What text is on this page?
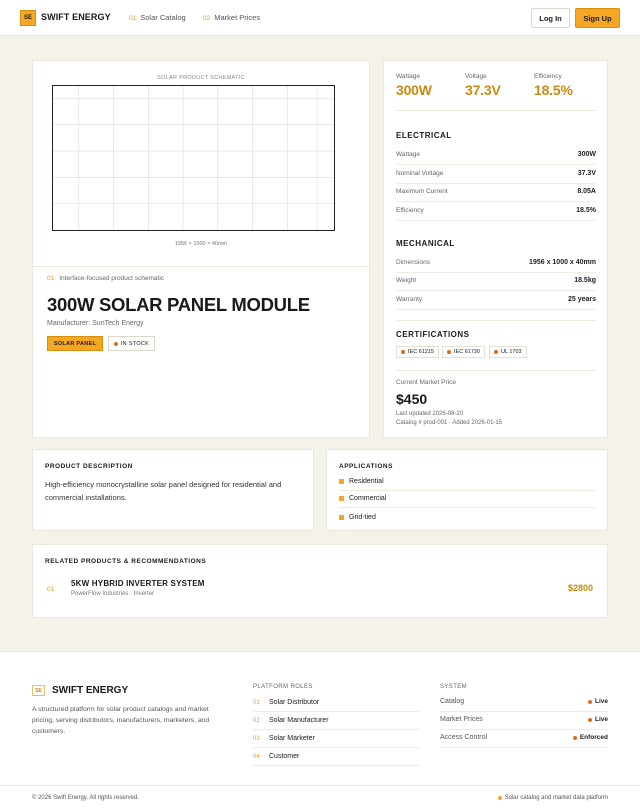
SE	SWIFT ENERGY	01 Solar Catalog	02 Market Prices	Log In	Sign Up
SOLAR PRODUCT SCHEMATIC
1956 × 1000 × 40mm
01 Interface-focused product schematic
300W SOLAR PANEL MODULE
Manufacturer: SunTech Energy
SOLAR PANEL	IN STOCK
Wattage
300W
Voltage
37.3V
Efficiency
18.5%
ELECTRICAL
Wattage	300W
Nominal Voltage	37.3V
Maximum Current	8.05A
Efficiency	18.5%
MECHANICAL
Dimensions	1956 x 1000 x 40mm
Weight	18.5kg
Warranty	25 years
CERTIFICATIONS
IEC 61215	IEC 61730	UL 1703
Current Market Price
$450
Last updated 2026-08-20
Catalog # prod-001 · Added 2026-01-15
PRODUCT DESCRIPTION
High-efficiency monocrystalline solar panel designed for residential and commercial installations.
APPLICATIONS
Residential
Commercial
Grid-tied
RELATED PRODUCTS & RECOMMENDATIONS
01
5KW HYBRID INVERTER SYSTEM
PowerFlow Industries · Inverter
$2800
SE	SWIFT ENERGY
A structured platform for solar product catalogs and market pricing, serving distributors, manufacturers, marketers, and customers.
PLATFORM ROLES
01	Solar Distributor
02	Solar Manufacturer
03	Solar Marketer
04	Customer
SYSTEM
Catalog	Live
Market Prices	Live
Access Control	Enforced
© 2026 Swift Energy. All rights reserved.	Solar catalog and market data platform
